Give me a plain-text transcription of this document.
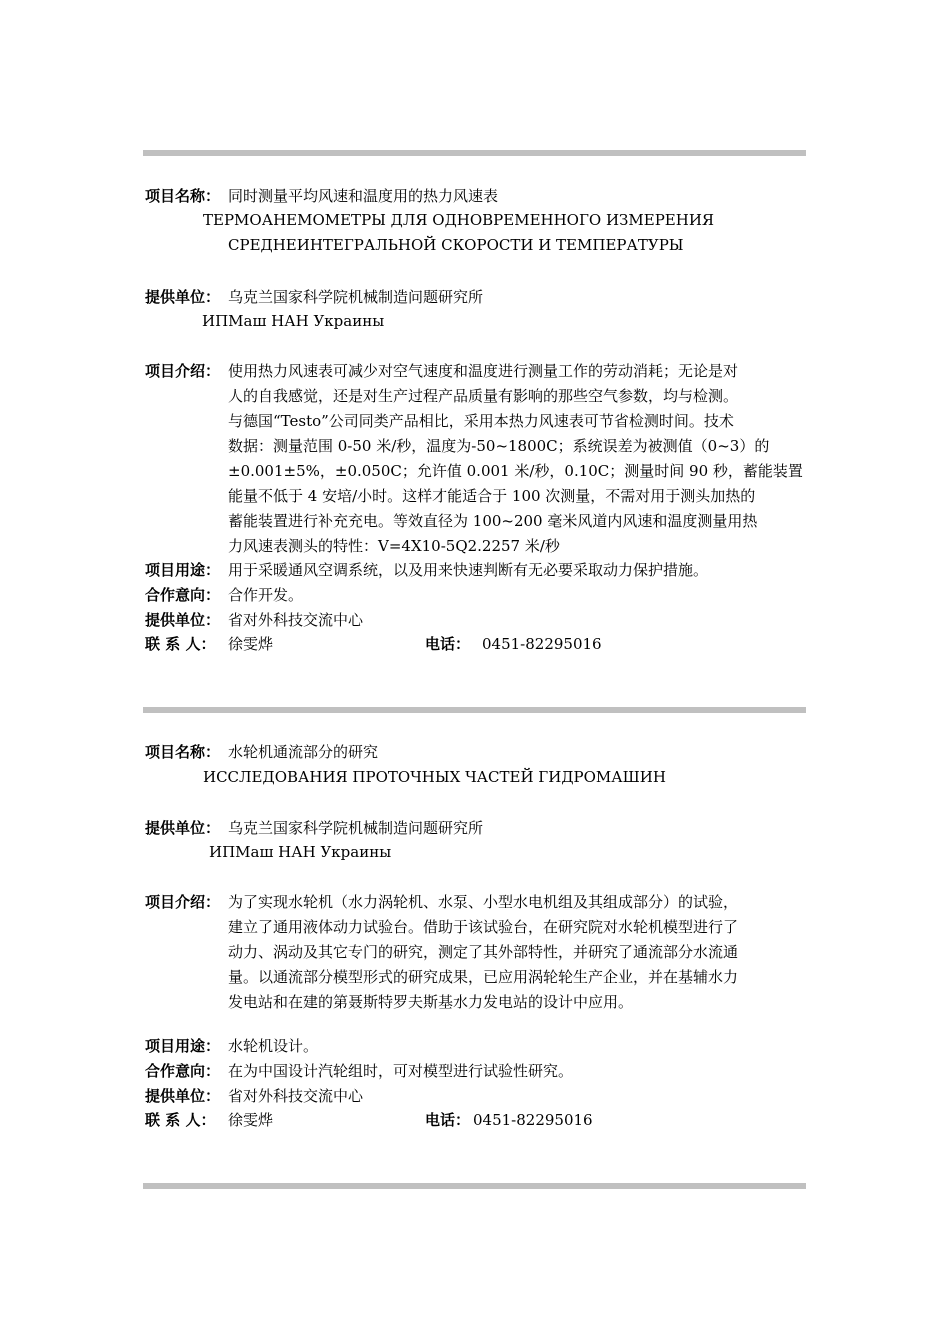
项目名称： 同时测量平均风速和温度用的热力风速表
ТЕРМОАНЕМОМЕТРЫ ДЛЯ ОДНОВРЕМЕННОГО ИЗМЕРЕНИЯ
СРЕДНЕИНТЕГРАЛЬНОЙ СКОРОСТИ И ТЕМПЕРАТУРЫ
提供单位： 乌克兰国家科学院机械制造问题研究所
ИПМаш НАН Украины
项目介绍： 使用热力风速表可减少对空气速度和温度进行测量工作的劳动消耗；无论是对
人的自我感觉，还是对生产过程产品质量有影响的那些空气参数，均与检测。
与德国“Testo”公司同类产品相比，采用本热力风速表可节省检测时间。技术
数据：测量范围 0-50 米/秒，温度为-50~1800C；系统误差为被测值（0~3）的
±0.001±5%，±0.050C；允许值 0.001 米/秒，0.10C；测量时间 90 秒，蓄能装置
能量不低于 4 安培/小时。这样才能适合于 100 次测量，不需对用于测头加热的
蓄能装置进行补充充电。等效直径为 100~200 毫米风道内风速和温度测量用热
力风速表测头的特性：V=4X10-5Q2.2257 米/秒
项目用途： 用于采暖通风空调系统，以及用来快速判断有无必要采取动力保护措施。
合作意向： 合作开发。
提供单位： 省对外科技交流中心
联 系 人： 徐雯烨	电话： 0451-82295016
项目名称： 水轮机通流部分的研究
ИССЛЕДОВАНИЯ ПРОТОЧНЫХ ЧАСТЕЙ ГИДРОМАШИН
提供单位： 乌克兰国家科学院机械制造问题研究所
ИПМаш НАН Украины
项目介绍： 为了实现水轮机（水力涡轮机、水泵、小型水电机组及其组成部分）的试验，
建立了通用液体动力试验台。借助于该试验台，在研究院对水轮机模型进行了
动力、涡动及其它专门的研究，测定了其外部特性，并研究了通流部分水流通
量。以通流部分模型形式的研究成果，已应用涡轮轮生产企业，并在基辅水力
发电站和在建的第聂斯特罗夫斯基水力发电站的设计中应用。
项目用途： 水轮机设计。
合作意向： 在为中国设计汽轮组时，可对模型进行试验性研究。
提供单位： 省对外科技交流中心
联 系 人： 徐雯烨	电话： 0451-82295016
